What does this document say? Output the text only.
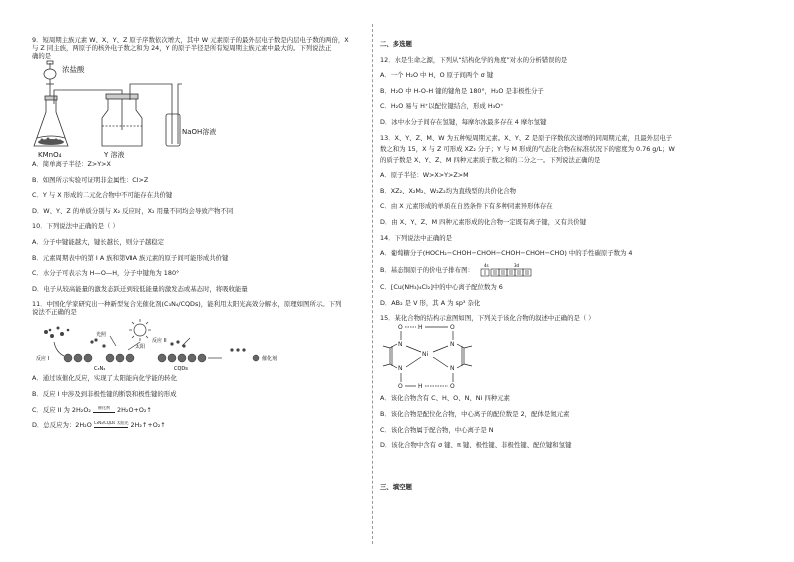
9．短周期主族元素 W、X、Y、Z 原子序数依次增大，其中 W 元素原子的最外层电子数是内层电子数的两倍，X

与 Z 同主族，两原子的核外电子数之和为 24，Y 的原子半径是所有短周期主族元素中最大的。下列说法正

确的是

浓盐酸
KMnO₄	Y 溶液
NaOH溶液

A．简单离子半径：Z>Y>X

B．如图所示实验可证明非金属性：Cl>Z

C．Y 与 X 形成的二元化合物中不可能存在共价键

D．W、Y、Z 的单质分别与 X₂ 反应时，X₂ 用量不同均会导致产物不同

10．下列说法中正确的是（ ）

A．分子中键能越大，键长越长，则分子越稳定

B．元素周期表中的第 I A 族和第ⅦA 族元素的原子间可能形成共价键

C．水分子可表示为 H—O—H，分子中键角为 180°

D．电子从较高能量的激发态跃迁到较低能量的激发态或基态时，将吸收能量

11．中国化学家研究出一种新型复合光催化剂(C₃N₄/CQDs)，能利用太阳光高效分解水，原理如图所示。下列

说法不正确的是

太阳
催化剂
反应 I
反应 II
光照
C₃N₄	CQDs

A．通过该催化反应，实现了太阳能向化学能的转化

B．反应 I 中涉及到非极性键的断裂和极性键的形成

C．反应 II 为 2H₂O₂ 催化剂 2H₂O+O₂↑

D．总反应为：2H₂O C₃N₄/CQDs 太阳光 2H₂↑+O₂↑

二、多选题

12．水是生命之源，下列从“结构化学的角度”对水的分析错误的是

A．一个 H₂O 中 H、O 原子间两个 σ 键

B．H₂O 中 H-O-H 键的键角是 180°，H₂O 是非极性分子

C．H₂O 易与 H⁺以配位键结合，形成 H₃O⁺

D．冰中水分子间存在氢键，每摩尔冰最多存在 4 摩尔氢键

13．X、Y、Z、M、W 为五种短周期元素。X、Y、Z 是原子序数依次递增的同周期元素，且最外层电子

数之和为 15，X 与 Z 可形成 XZ₂ 分子；Y 与 M 形成的气态化合物在标准状况下的密度为 0.76 g/L；W

的质子数是 X、Y、Z、M 四种元素质子数之和的二分之一。下列说法正确的是

A．原子半径：W>X>Y>Z>M

B．XZ₂、X₂M₂、W₂Z₂均为直线型的共价化合物

C．由 X 元素形成的单质在自然条件下有多种同素异形体存在

D．由 X、Y、Z、M 四种元素形成的化合物一定既有离子键，又有共价键

14．下列说法中正确的是

A．葡萄糖分子(HOCH₂−CHOH−CHOH−CHOH−CHOH−CHO) 中的手性碳原子数为 4

B．基态铜原子的价电子排布图：
4s	3d

C．[Cu(NH₃)₄Cl₂]中的中心离子配位数为 6

D．AB₂ 是 V 形，其 A 为 sp³ 杂化

15．某化合物的结构示意图如图，下列关于该化合物的叙述中正确的是（ ）

O	H	O
N	N
Ni
N	N
O	H	O

A．该化合物含有 C、H、O、N、Ni 四种元素

B．该化合物是配位化合物，中心离子的配位数是 2，配体是氮元素

C．该化合物属于配合物，中心离子是 N

D．该化合物中含有 σ 键、π 键、极性键、非极性键、配位键和氢键

三、填空题
